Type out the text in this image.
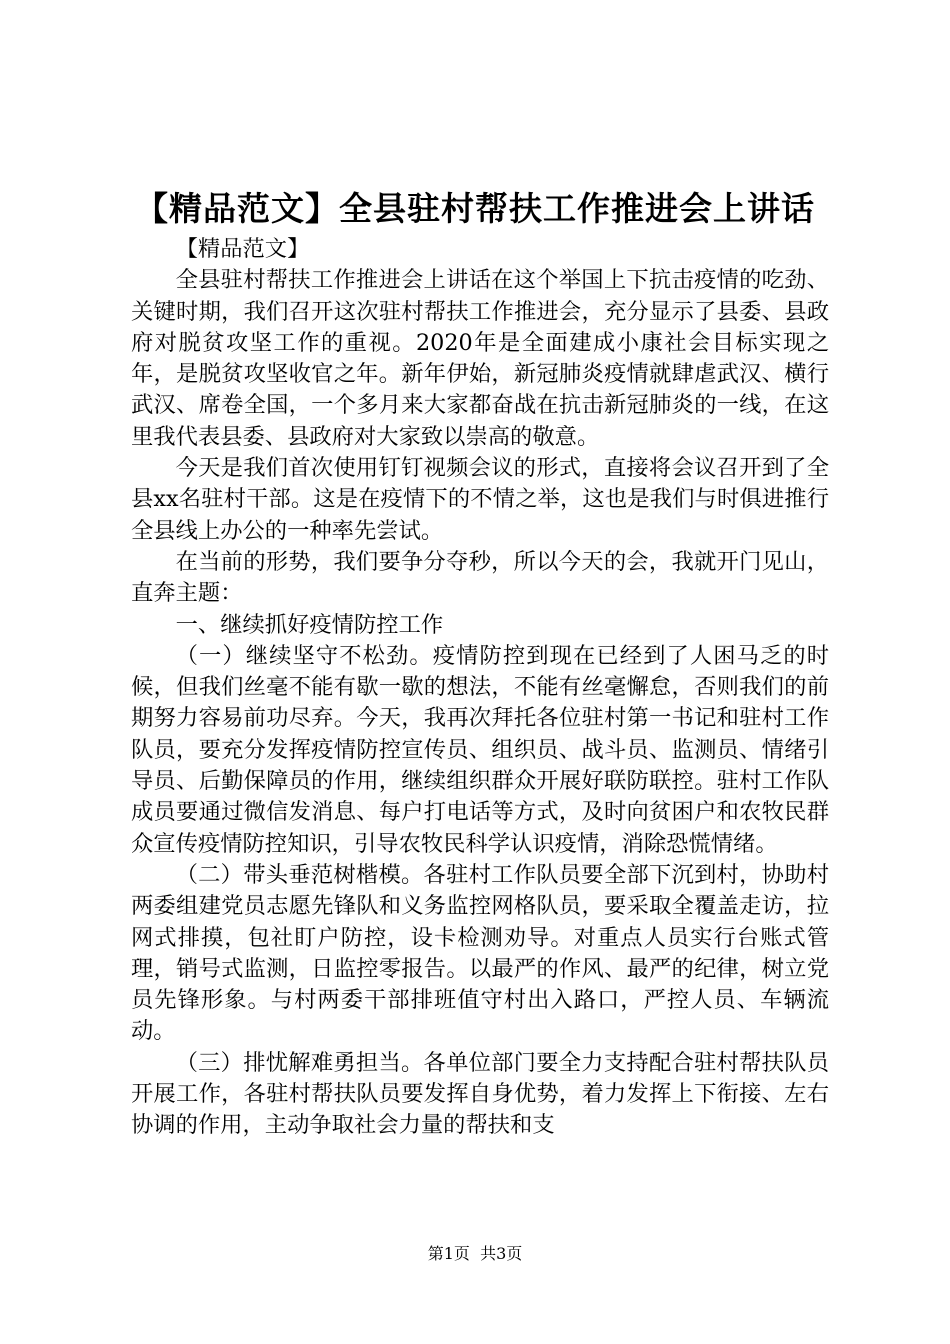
【精品范文】全县驻村帮扶工作推进会上讲话

【精品范文】

全县驻村帮扶工作推进会上讲话在这个举国上下抗击疫情的吃劲、关键时期，我们召开这次驻村帮扶工作推进会，充分显示了县委、县政府对脱贫攻坚工作的重视。2020年是全面建成小康社会目标实现之年，是脱贫攻坚收官之年。新年伊始，新冠肺炎疫情就肆虐武汉、横行武汉、席卷全国，一个多月来大家都奋战在抗击新冠肺炎的一线，在这里我代表县委、县政府对大家致以崇高的敬意。

今天是我们首次使用钉钉视频会议的形式，直接将会议召开到了全县xx名驻村干部。这是在疫情下的不情之举，这也是我们与时俱进推行全县线上办公的一种率先尝试。

在当前的形势，我们要争分夺秒，所以今天的会，我就开门见山，直奔主题：

一、继续抓好疫情防控工作

（一）继续坚守不松劲。疫情防控到现在已经到了人困马乏的时候，但我们丝毫不能有歇一歇的想法，不能有丝毫懈怠，否则我们的前期努力容易前功尽弃。今天，我再次拜托各位驻村第一书记和驻村工作队员，要充分发挥疫情防控宣传员、组织员、战斗员、监测员、情绪引导员、后勤保障员的作用，继续组织群众开展好联防联控。驻村工作队成员要通过微信发消息、每户打电话等方式，及时向贫困户和农牧民群众宣传疫情防控知识，引导农牧民科学认识疫情，消除恐慌情绪。

（二）带头垂范树楷模。各驻村工作队员要全部下沉到村，协助村两委组建党员志愿先锋队和义务监控网格队员，要采取全覆盖走访，拉网式排摸，包社盯户防控，设卡检测劝导。对重点人员实行台账式管理，销号式监测，日监控零报告。以最严的作风、最严的纪律，树立党员先锋形象。与村两委干部排班值守村出入路口，严控人员、车辆流动。

（三）排忧解难勇担当。各单位部门要全力支持配合驻村帮扶队员开展工作，各驻村帮扶队员要发挥自身优势，着力发挥上下衔接、左右协调的作用，主动争取社会力量的帮扶和支

第1页  共3页
